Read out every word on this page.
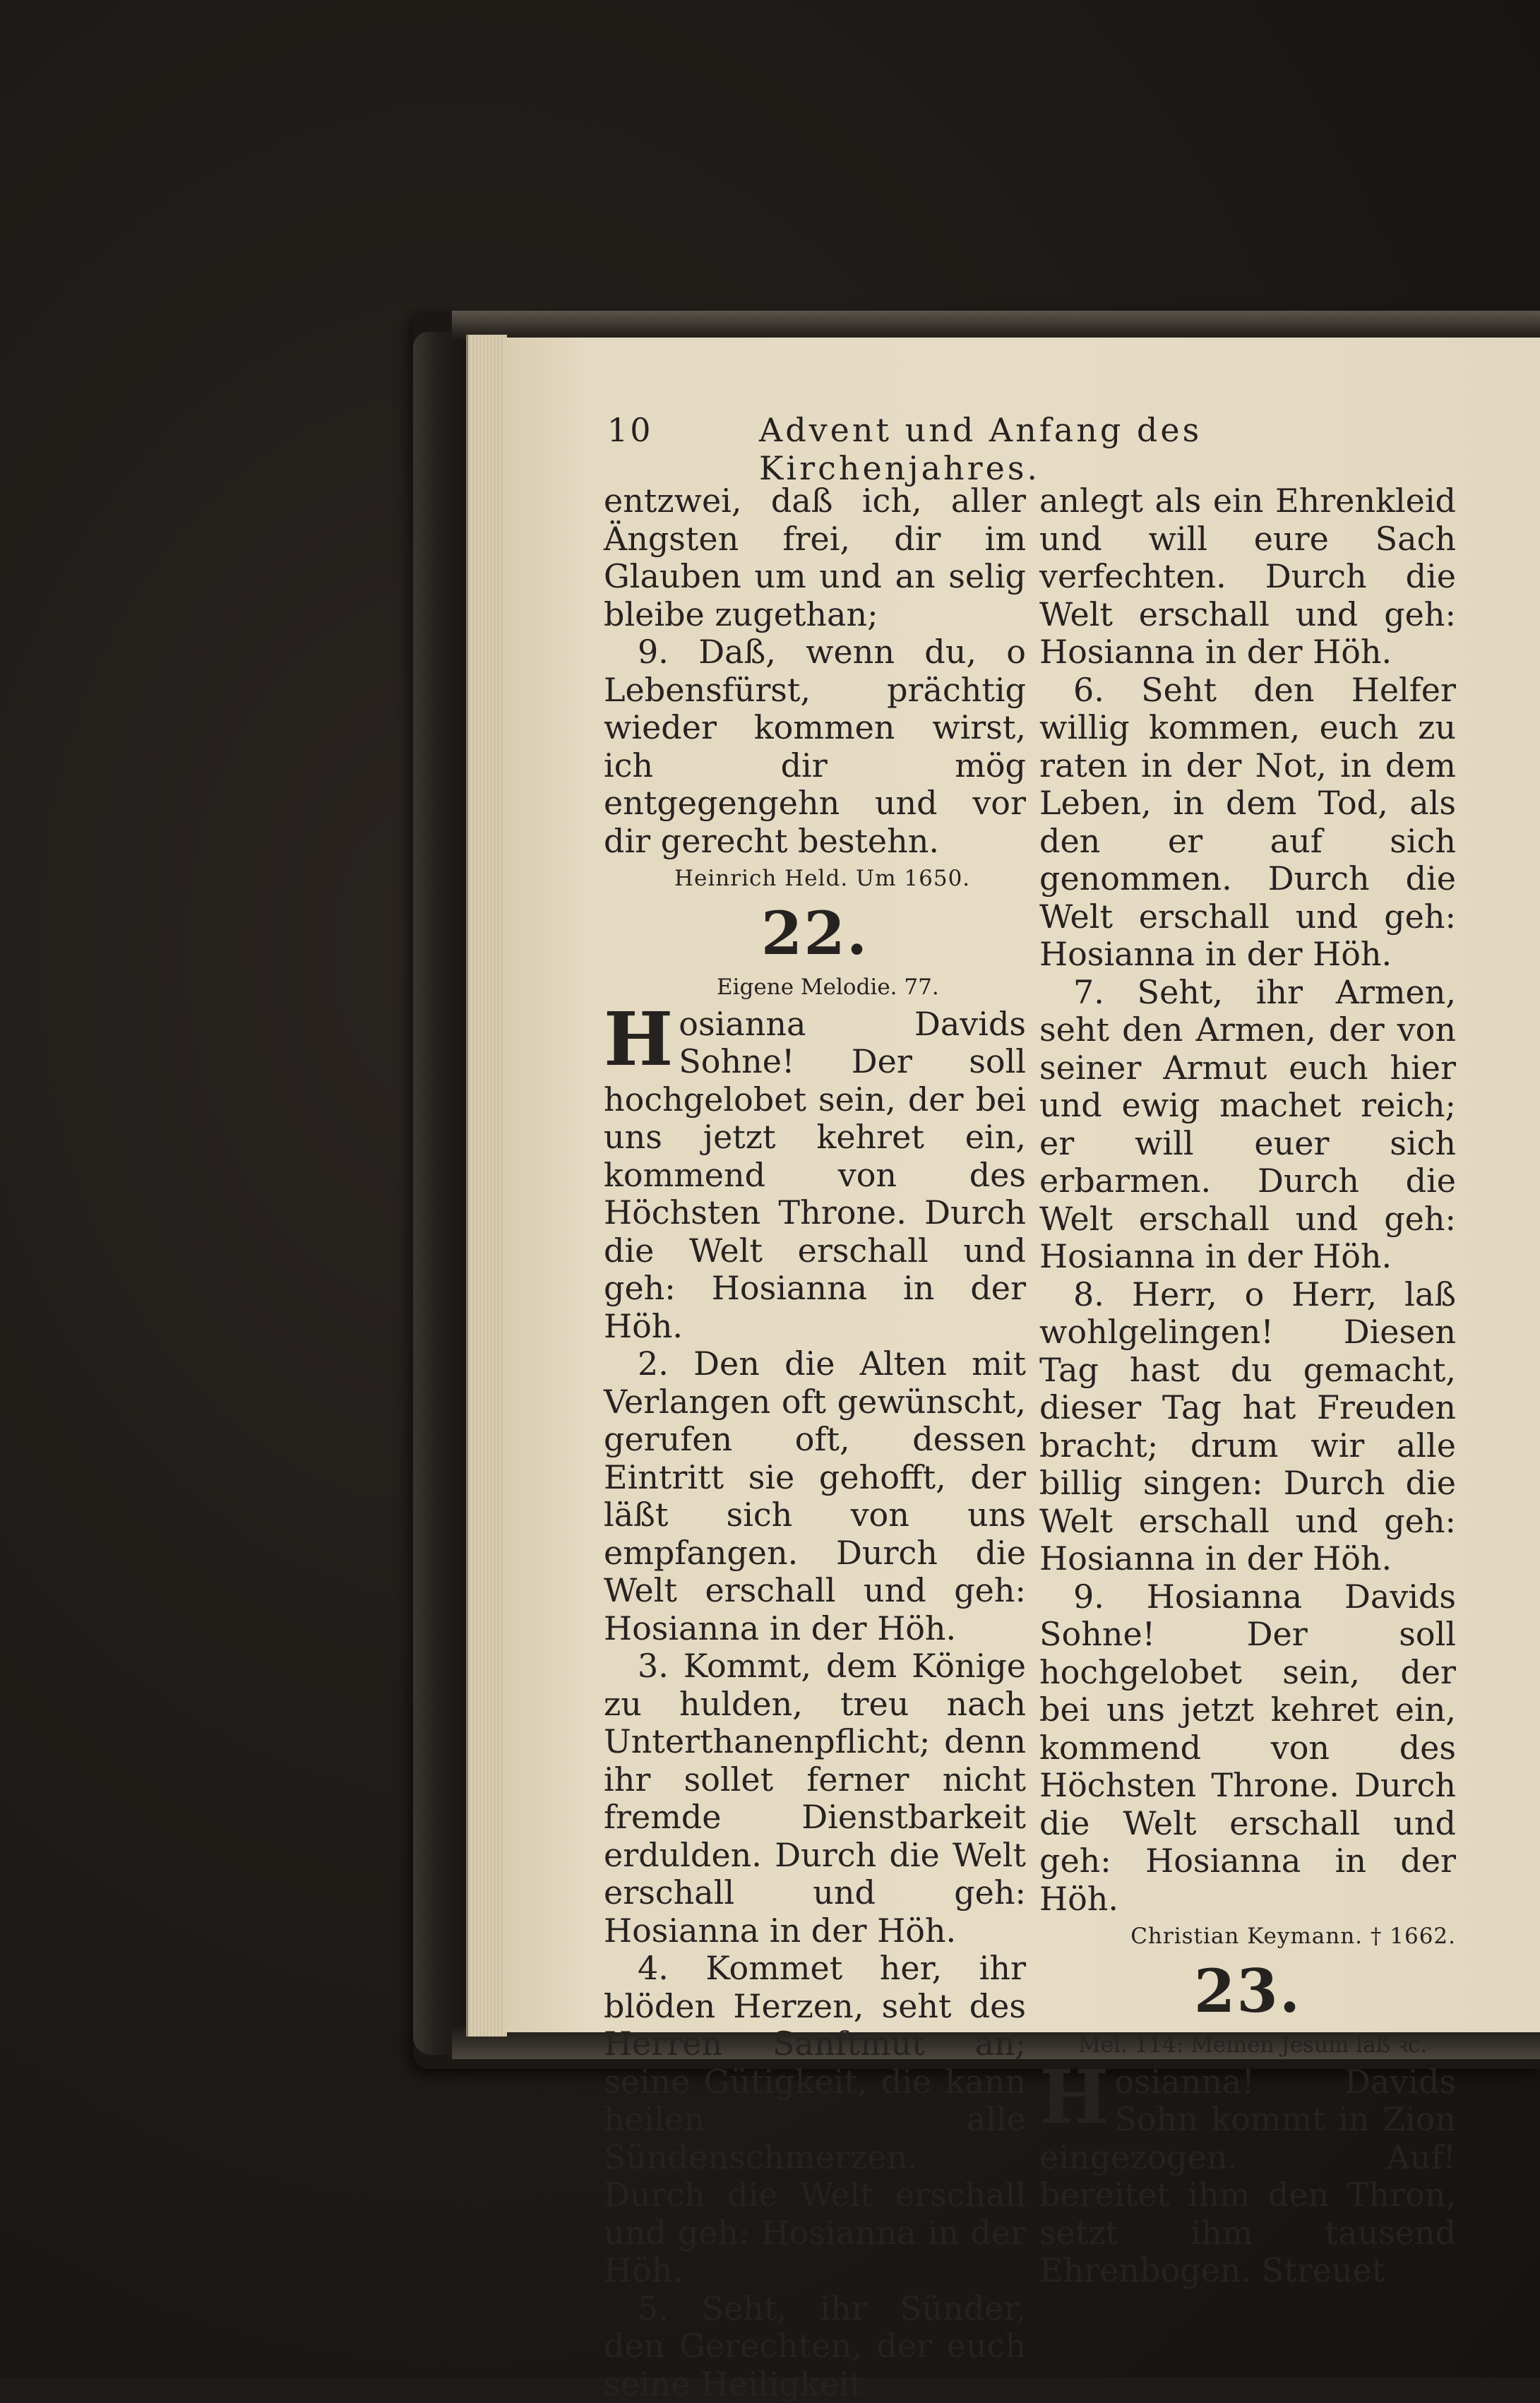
10	Advent und Anfang des Kirchenjahres.

entzwei, daß ich, aller Ängsten frei, dir im Glauben um und an selig bleibe zugethan;

9. Daß, wenn du, o Lebensfürst, prächtig wieder kommen wirst, ich dir mög entgegengehn und vor dir gerecht bestehn.

Heinrich Held. Um 1650.

22.

Eigene Melodie. 77.

Hosianna Davids Sohne! Der soll hochgelobet sein, der bei uns jetzt kehret ein, kommend von des Höchsten Throne. Durch die Welt erschall und geh: Hosianna in der Höh.

2. Den die Alten mit Verlangen oft gewünscht, gerufen oft, dessen Eintritt sie gehofft, der läßt sich von uns empfangen. Durch die Welt erschall und geh: Hosianna in der Höh.

3. Kommt, dem Könige zu hulden, treu nach Unterthanenpflicht; denn ihr sollet ferner nicht fremde Dienstbarkeit erdulden. Durch die Welt erschall und geh: Hosianna in der Höh.

4. Kommet her, ihr blöden Herzen, seht des Herren Sanftmut an; seine Gütigkeit, die kann heilen alle Sündenschmerzen. Durch die Welt erschall und geh: Hosianna in der Höh.

5. Seht, ihr Sünder, den Gerechten, der euch seine Heiligkeit

anlegt als ein Ehrenkleid und will eure Sach verfechten. Durch die Welt erschall und geh: Hosianna in der Höh.

6. Seht den Helfer willig kommen, euch zu raten in der Not, in dem Leben, in dem Tod, als den er auf sich genommen. Durch die Welt erschall und geh: Hosianna in der Höh.

7. Seht, ihr Armen, seht den Armen, der von seiner Armut euch hier und ewig machet reich; er will euer sich erbarmen. Durch die Welt erschall und geh: Hosianna in der Höh.

8. Herr, o Herr, laß wohlgelingen! Diesen Tag hast du gemacht, dieser Tag hat Freuden bracht; drum wir alle billig singen: Durch die Welt erschall und geh: Hosianna in der Höh.

9. Hosianna Davids Sohne! Der soll hochgelobet sein, der bei uns jetzt kehret ein, kommend von des Höchsten Throne. Durch die Welt erschall und geh: Hosianna in der Höh.

Christian Keymann. † 1662.

23.

Mel. 114: Meinen Jesum laß ꝛc.

Hosianna! Davids Sohn kommt in Zion eingezogen. Auf! bereitet ihm den Thron, setzt ihm tausend Ehrenbogen. Streuet
